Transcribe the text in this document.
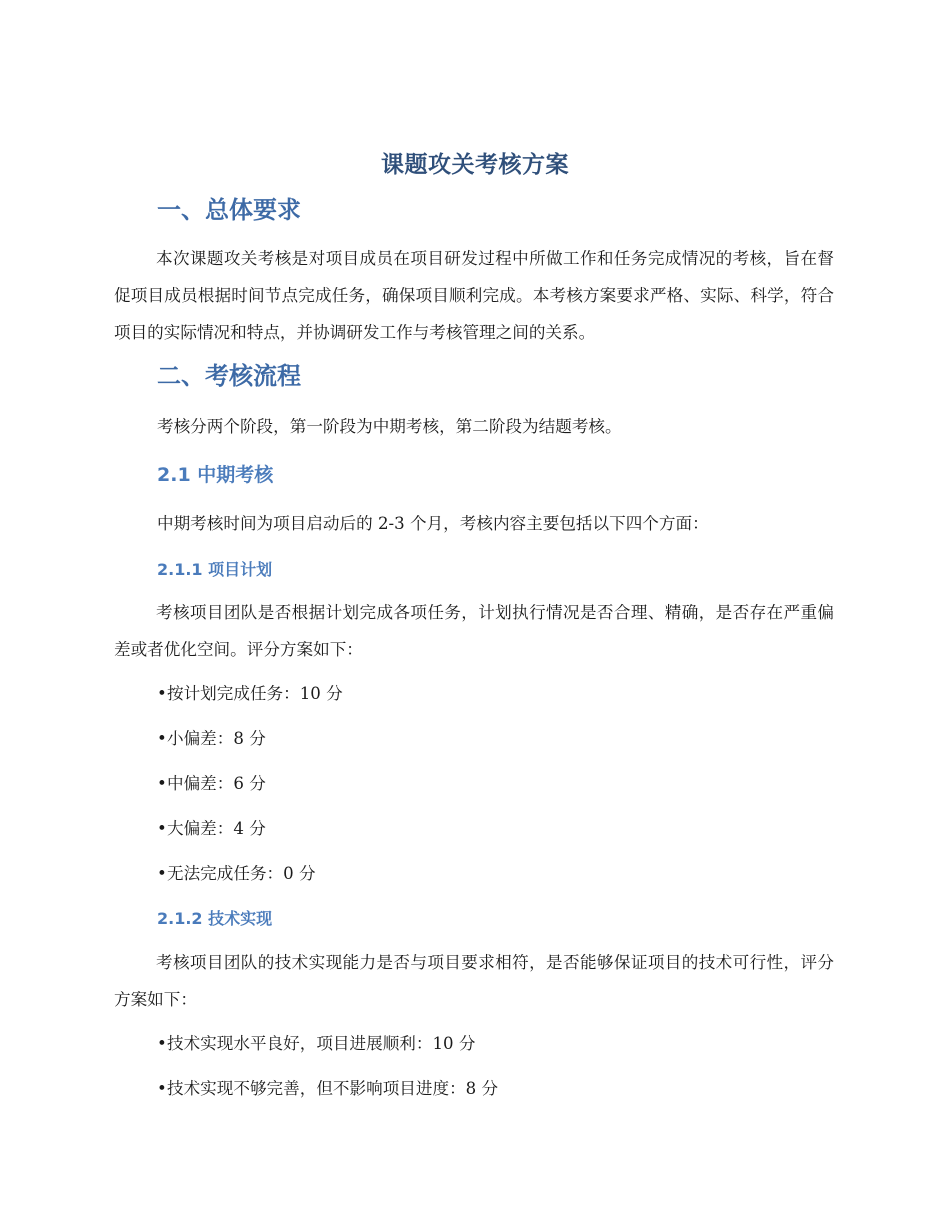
课题攻关考核方案
一、总体要求
本次课题攻关考核是对项目成员在项目研发过程中所做工作和任务完成情况的考核，旨在督促项目成员根据时间节点完成任务，确保项目顺利完成。本考核方案要求严格、实际、科学，符合项目的实际情况和特点，并协调研发工作与考核管理之间的关系。
二、考核流程
考核分两个阶段，第一阶段为中期考核，第二阶段为结题考核。
2.1 中期考核
中期考核时间为项目启动后的 2-3 个月，考核内容主要包括以下四个方面：
2.1.1 项目计划
考核项目团队是否根据计划完成各项任务，计划执行情况是否合理、精确，是否存在严重偏差或者优化空间。评分方案如下：
•按计划完成任务：10 分
•小偏差：8 分
•中偏差：6 分
•大偏差：4 分
•无法完成任务：0 分
2.1.2 技术实现
考核项目团队的技术实现能力是否与项目要求相符，是否能够保证项目的技术可行性，评分方案如下：
•技术实现水平良好，项目进展顺利：10 分
•技术实现不够完善，但不影响项目进度：8 分
